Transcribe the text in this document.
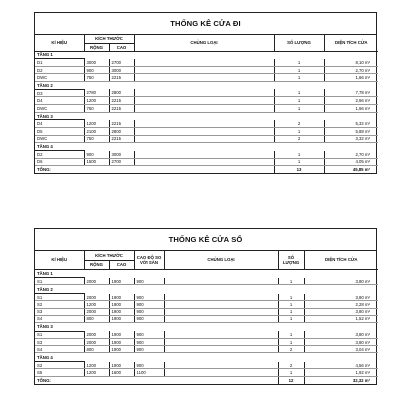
THỐNG KÊ CỬA ĐI
KÍ HIỆU	KÍCH THƯỚC		CHỦNG LOẠI	SỐ LƯỢNG	DIỆN TÍCH CỬA
	RỘNG	CAO			
TẦNG 1					
D1	3000	2700		1	8,10 m²
D2	900	3000		1	2,70 m²
DWC	750	2215		1	1,66 m²
TẦNG 2					
D3	2780	2800		1	7,78 m²
D4	1200	2215		1	2,66 m²
DWC	750	2215		1	1,66 m²
TẦNG 3					
D4	1200	2215		2	5,32 m²
D5	2100	2800		1	5,88 m²
DWC	750	2215		2	3,32 m²
TẦNG 4					
D2	900	3000		1	2,70 m²
D6	1500	2700		1	4,05 m²
TỔNG:				13	45,85 m²
THỐNG KÊ CỬA SỔ
KÍ HIỆU	KÍCH THƯỚC		CAO ĐỘ SO VỚI SÀN	CHỦNG LOẠI	SỐ LƯỢNG	DIỆN TÍCH CỬA
	RỘNG	CAO				
TẦNG 1						
S1	2000	1900	900		1	3,80 m²
TẦNG 2						
S1	2000	1900	900		1	3,80 m²
S2	1200	1900	900		1	2,28 m²
S3	2000	1900	900		1	3,80 m²
S4	800	1900	900		1	1,52 m²
TẦNG 3						
S1	2000	1900	900		1	3,80 m²
S3	2000	1900	900		1	3,80 m²
S4	800	1900	900		2	3,04 m²
TẦNG 4						
S2	1200	1900	900		2	4,56 m²
S5	1200	1600	1100		1	1,92 m²
TỔNG:					12	32,32 m²
